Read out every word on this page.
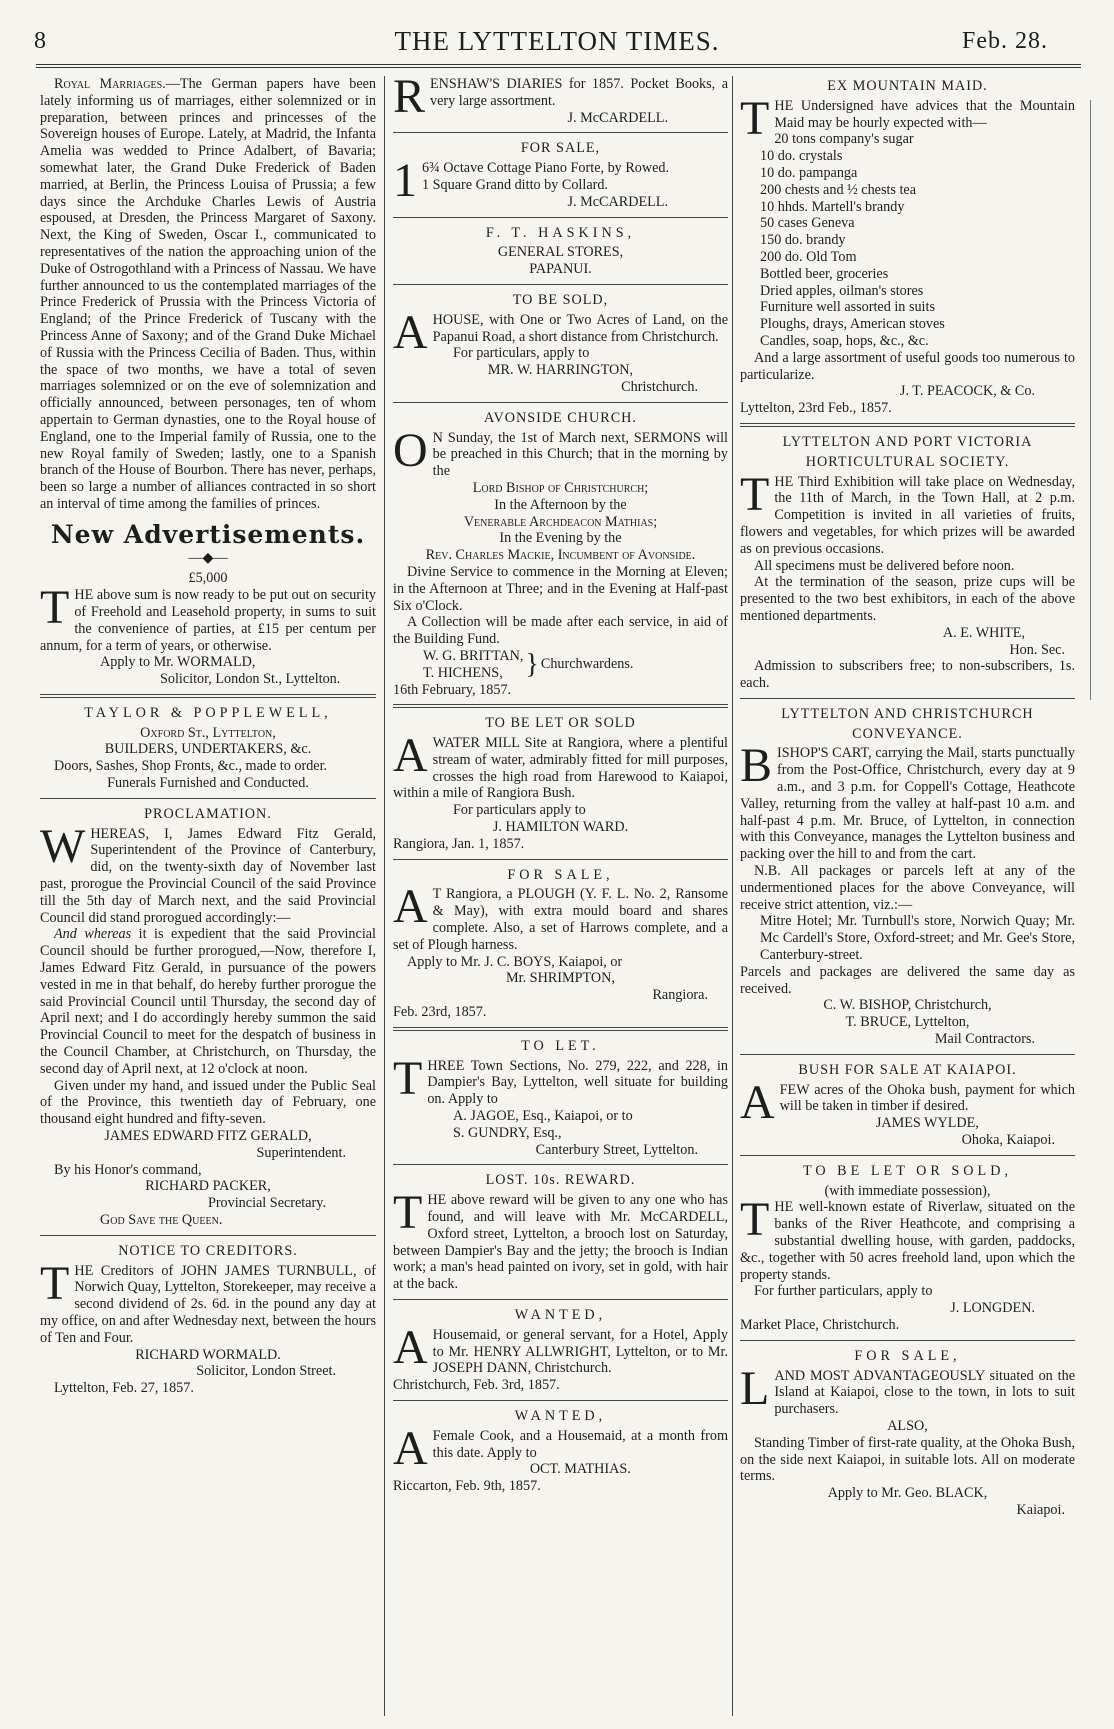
8	THE LYTTELTON TIMES.	Feb. 28.

Royal Marriages.—The German papers have been lately informing us of marriages, either solemnized or in preparation, between princes and princesses of the Sovereign houses of Europe. Lately, at Madrid, the Infanta Amelia was wedded to Prince Adalbert, of Bavaria; somewhat later, the Grand Duke Frederick of Baden married, at Berlin, the Princess Louisa of Prussia; a few days since the Archduke Charles Lewis of Austria espoused, at Dresden, the Princess Margaret of Saxony. Next, the King of Sweden, Oscar I., communicated to representatives of the nation the approaching union of the Duke of Ostrogothland with a Princess of Nassau. We have further announced to us the contemplated marriages of the Prince Frederick of Prussia with the Princess Victoria of England; of the Prince Frederick of Tuscany with the Princess Anne of Saxony; and of the Grand Duke Michael of Russia with the Princess Cecilia of Baden. Thus, within the space of two months, we have a total of seven marriages solemnized or on the eve of solemnization and officially announced, between personages, ten of whom appertain to German dynasties, one to the Royal house of England, one to the Imperial family of Russia, one to the new Royal family of Sweden; lastly, one to a Spanish branch of the House of Bourbon. There has never, perhaps, been so large a number of alliances contracted in so short an interval of time among the families of princes.

New Advertisements.
—◆—

£5,000

THE above sum is now ready to be put out on security of Freehold and Leasehold property, in sums to suit the convenience of parties, at £15 per centum per annum, for a term of years, or otherwise.

Apply to Mr. WORMALD,

Solicitor, London St., Lyttelton.

TAYLOR & POPPLEWELL,

Oxford St., Lyttelton,

BUILDERS, UNDERTAKERS, &c.

Doors, Sashes, Shop Fronts, &c., made to order.

Funerals Furnished and Conducted.

PROCLAMATION.

WHEREAS, I, James Edward Fitz Gerald, Superintendent of the Province of Canterbury, did, on the twenty-sixth day of November last past, prorogue the Provincial Council of the said Province till the 5th day of March next, and the said Provincial Council did stand prorogued accordingly:—

And whereas it is expedient that the said Provincial Council should be further prorogued,—Now, therefore I, James Edward Fitz Gerald, in pursuance of the powers vested in me in that behalf, do hereby further prorogue the said Provincial Council until Thursday, the second day of April next; and I do accordingly hereby summon the said Provincial Council to meet for the despatch of business in the Council Chamber, at Christchurch, on Thursday, the second day of April next, at 12 o'clock at noon.

Given under my hand, and issued under the Public Seal of the Province, this twentieth day of February, one thousand eight hundred and fifty-seven.

JAMES EDWARD FITZ GERALD,

Superintendent.

By his Honor's command,

RICHARD PACKER,

Provincial Secretary.

God Save the Queen.

NOTICE TO CREDITORS.

THE Creditors of JOHN JAMES TURNBULL, of Norwich Quay, Lyttelton, Storekeeper, may receive a second dividend of 2s. 6d. in the pound any day at my office, on and after Wednesday next, between the hours of Ten and Four.

RICHARD WORMALD.

Solicitor, London Street.

Lyttelton, Feb. 27, 1857.

RENSHAW'S DIARIES for 1857. Pocket Books, a very large assortment.

J. McCARDELL.

FOR SALE,

1 6¾ Octave Cottage Piano Forte, by Rowed.

1 Square Grand ditto by Collard.

J. McCARDELL.

F. T. HASKINS,

GENERAL STORES,

PAPANUI.

TO BE SOLD,

AHOUSE, with One or Two Acres of Land, on the Papanui Road, a short distance from Christchurch.

For particulars, apply to

MR. W. HARRINGTON,

Christchurch.

AVONSIDE CHURCH.

O N Sunday, the 1st of March next, SERMONS will be preached in this Church; that in the morning by the

Lord Bishop of Christchurch;

In the Afternoon by the

Venerable Archdeacon Mathias;

In the Evening by the

Rev. Charles Mackie, Incumbent of Avonside.

Divine Service to commence in the Morning at Eleven; in the Afternoon at Three; and in the Evening at Half-past Six o'Clock.

A Collection will be made after each service, in aid of the Building Fund.

W. G. BRITTAN,
T. HICHENS, } Churchwardens.

16th February, 1857.

TO BE LET OR SOLD

AWATER MILL Site at Rangiora, where a plentiful stream of water, admirably fitted for mill purposes, crosses the high road from Harewood to Kaiapoi, within a mile of Rangiora Bush.

For particulars apply to

J. HAMILTON WARD.

Rangiora, Jan. 1, 1857.

FOR SALE,

A T Rangiora, a PLOUGH (Y. F. L. No. 2, Ransome & May), with extra mould board and shares complete. Also, a set of Harrows complete, and a set of Plough harness.

Apply to Mr. J. C. BOYS, Kaiapoi, or

Mr. SHRIMPTON,

Rangiora.

Feb. 23rd, 1857.

TO LET.

THREE Town Sections, No. 279, 222, and 228, in Dampier's Bay, Lyttelton, well situate for building on. Apply to

A. JAGOE, Esq., Kaiapoi, or to

S. GUNDRY, Esq.,

Canterbury Street, Lyttelton.

LOST. 10s. REWARD.

THE above reward will be given to any one who has found, and will leave with Mr. McCARDELL, Oxford street, Lyttelton, a brooch lost on Saturday, between Dampier's Bay and the jetty; the brooch is Indian work; a man's head painted on ivory, set in gold, with hair at the back.

WANTED,

A Housemaid, or general servant, for a Hotel, Apply to Mr. HENRY ALLWRIGHT, Lyttelton, or to Mr. JOSEPH DANN, Christchurch.

Christchurch, Feb. 3rd, 1857.

WANTED,

A Female Cook, and a Housemaid, at a month from this date. Apply to

OCT. MATHIAS.

Riccarton, Feb. 9th, 1857.

EX MOUNTAIN MAID.

THE Undersigned have advices that the Mountain Maid may be hourly expected with—

20 tons company's sugar

10 do. crystals

10 do. pampanga

200 chests and ½ chests tea

10 hhds. Martell's brandy

50 cases Geneva

150 do. brandy

200 do. Old Tom

Bottled beer, groceries

Dried apples, oilman's stores

Furniture well assorted in suits

Ploughs, drays, American stoves

Candles, soap, hops, &c., &c.

And a large assortment of useful goods too numerous to particularize.

J. T. PEACOCK, & Co.

Lyttelton, 23rd Feb., 1857.

LYTTELTON AND PORT VICTORIA

HORTICULTURAL SOCIETY.

THE Third Exhibition will take place on Wednesday, the 11th of March, in the Town Hall, at 2 p.m. Competition is invited in all varieties of fruits, flowers and vegetables, for which prizes will be awarded as on previous occasions.

All specimens must be delivered before noon.

At the termination of the season, prize cups will be presented to the two best exhibitors, in each of the above mentioned departments.

A. E. WHITE,

Hon. Sec.

Admission to subscribers free; to non-subscribers, 1s. each.

LYTTELTON AND CHRISTCHURCH

CONVEYANCE.

BISHOP'S CART, carrying the Mail, starts punctually from the Post-Office, Christchurch, every day at 9 a.m., and 3 p.m. for Coppell's Cottage, Heathcote Valley, returning from the valley at half-past 10 a.m. and half-past 4 p.m. Mr. Bruce, of Lyttelton, in connection with this Conveyance, manages the Lyttelton business and packing over the hill to and from the cart.

N.B. All packages or parcels left at any of the undermentioned places for the above Conveyance, will receive strict attention, viz.:—

Mitre Hotel; Mr. Turnbull's store, Norwich Quay; Mr. Mc Cardell's Store, Oxford-street; and Mr. Gee's Store, Canterbury-street.

Parcels and packages are delivered the same day as received.

C. W. BISHOP, Christchurch,

T. BRUCE, Lyttelton,

Mail Contractors.

BUSH FOR SALE AT KAIAPOI.

AFEW acres of the Ohoka bush, payment for which will be taken in timber if desired.

JAMES WYLDE,

Ohoka, Kaiapoi.

TO BE LET OR SOLD,

(with immediate possession),

THE well-known estate of Riverlaw, situated on the banks of the River Heathcote, and comprising a substantial dwelling house, with garden, paddocks, &c., together with 50 acres freehold land, upon which the property stands.

For further particulars, apply to

J. LONGDEN.

Market Place, Christchurch.

FOR SALE,

LAND MOST ADVANTAGEOUSLY situated on the Island at Kaiapoi, close to the town, in lots to suit purchasers.

ALSO,

Standing Timber of first-rate quality, at the Ohoka Bush, on the side next Kaiapoi, in suitable lots. All on moderate terms.

Apply to Mr. Geo. BLACK,

Kaiapoi.
